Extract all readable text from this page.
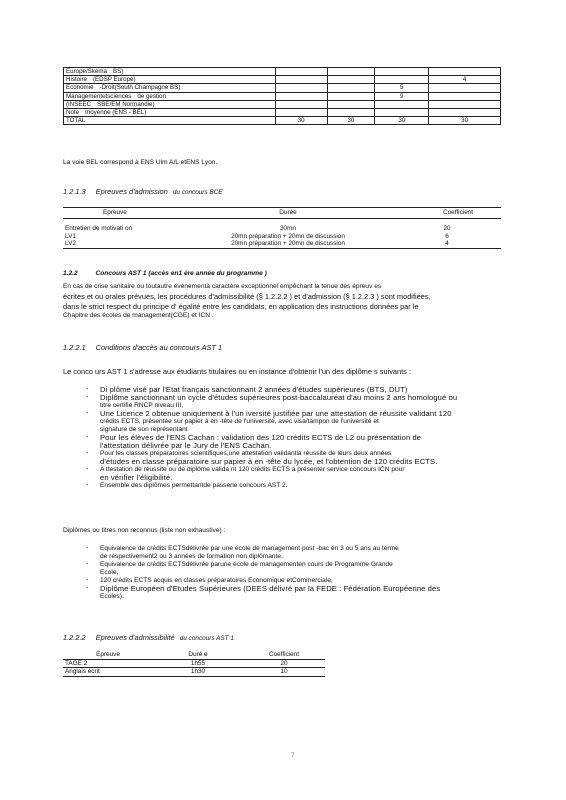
Europe/Skema BS)				
Histoire (EDSP Europe)				4
Economie -Droit(South Champagne BS)			5	
Managementetsciences de gestion			9	
(INSEEC SBE/EM Normandie)				
Note moyenne (ENS - BEL)				
TOTAL	30	30	30	30
La voie BEL correspond à ENS Ulm A/L etENS Lyon.
1.2.1.3 Epreuves d'admission du concours BCE
Epreuve	Durée	Coefficient

Entretien de motivati on	30mn	20
LV1	20mn préparation + 20mn de discussion	6
LV2	20mn préparation + 20mn de discussion	4
1.2.2	Concours AST 1 (accès en1 ère année du programme )
En cas de crise sanitaire ou toutautre événementà caractère exceptionnel empêchant la tenue des épreuv es
écrites et ou orales prévues, les procédures d'admissibilité (§ 1.2.2.2 ) et d'admission (§ 1.2.2.3 ) sont modifiées,
dans le strict respect du principe d' égalité entre les candidats, en application des instructions données par le
Chapitre des écoles de management(CGE) et ICN .
1.2.2.1 Conditions d'accès au concours AST 1
Le conco urs AST 1 s'adresse aux étudiants titulaires ou en instance d'obtenir l'un des diplôme s suivants :
- Di plôme visé par l'Etat français sanctionnant 2 années d'études supérieures (BTS, DUT)
- Diplôme sanctionnant un cycle d'études supérieures post-baccalauréat d'au moins 2 ans homologué ou
titre certifié RNCP niveau III,
- Une Licence 2 obtenue uniquement à l'un iversité justifiée par une attestation de réussite validant 120
crédits ECTS, présentée sur papier à en -tête de l'université, avec visa/tampon de l'université et
signature de son représentant
- Pour les élèves de l'ENS Cachan : validation des 120 crédits ECTS de L2 ou présentation de
l'attestation délivrée par le Jury de l'ENS Cachan.
- Pour les classes préparatoires scientifiques,une attestation validantla réussite de leurs deux années
d'études en classe préparatoire sur papier à en -tête du lycée, et l'obtention de 120 crédits ECTS.
- A ttestation de réussite ou de diplôme valida nt 120 crédits ECTS à présenter service concours ICN pour
en vérifier l'éligibilité.
- Ensemble des diplômes permettantde passerle concours AST 2.
Diplômes ou titres non reconnus (liste non exhaustive) :
- Equivalence de crédits ECTSdélivrée par une école de management post -bac en 3 ou 5 ans au terme
de respectivement2 ou 3 années de formation non diplômante,
- Equivalence de crédits ECTSdélivrée parune école de managementen cours de Programme Grande
Ecole,
- 120 crédits ECTS acquis en classes préparatoires Economique etCommerciale,
- Diplôme Européen d'Etudes Supérieures (DEES délivré par la FEDE : Fédération Européenne des
Ecoles).
1.2.2.2 Epreuves d'admissibilité du concours AST 1
Epreuve	Duré e	Coefficient
TAGE 2	1h55	20
Anglais écrit	1h30	10
7
